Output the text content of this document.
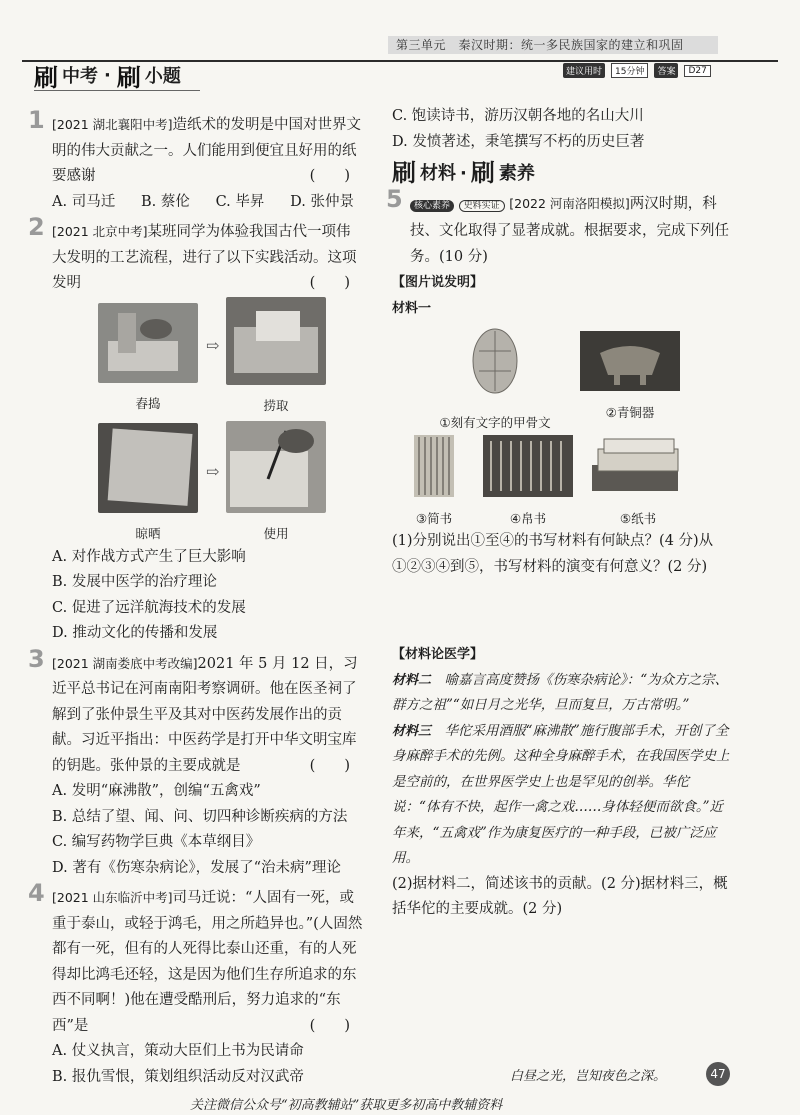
第三单元　秦汉时期：统一多民族国家的建立和巩固
刷 中考 · 刷 小题	建议用时	15分钟	答案	D27
1 [2021 湖北襄阳中考]造纸术的发明是中国对世界文明的伟大贡献之一。人们能用到便宜且好用的纸要感谢	(　　)
A. 司马迁 B. 蔡伦 C. 毕昇 D. 张仲景
2 [2021 北京中考]某班同学为体验我国古代一项伟大发明的工艺流程，进行了以下实践活动。这项发明	(　　)
舂捣
⇨
捞取
晾晒
⇨
使用
A. 对作战方式产生了巨大影响
B. 发展中医学的治疗理论
C. 促进了远洋航海技术的发展
D. 推动文化的传播和发展
3 [2021 湖南娄底中考改编]2021 年 5 月 12 日，习近平总书记在河南南阳考察调研。他在医圣祠了解到了张仲景生平及其对中医药发展作出的贡献。习近平指出：中医药学是打开中华文明宝库的钥匙。张仲景的主要成就是	(　　)
A. 发明“麻沸散”，创编“五禽戏”
B. 总结了望、闻、问、切四种诊断疾病的方法
C. 编写药物学巨典《本草纲目》
D. 著有《伤寒杂病论》，发展了“治未病”理论
4 [2021 山东临沂中考]司马迁说：“人固有一死，或重于泰山，或轻于鸿毛，用之所趋异也。”(人固然都有一死，但有的人死得比泰山还重，有的人死得却比鸿毛还轻，这是因为他们生存所追求的东西不同啊！)他在遭受酷刑后，努力追求的“东西”是	(　　)
A. 仗义执言，策动大臣们上书为民请命
B. 报仇雪恨，策划组织活动反对汉武帝
C. 饱读诗书，游历汉朝各地的名山大川
D. 发愤著述，秉笔撰写不朽的历史巨著
刷 材料 · 刷 素养
5 核心素养 史料实证 [2022 河南洛阳模拟]两汉时期，科技、文化取得了显著成就。根据要求，完成下列任务。(10 分)
【图片说发明】
材料一
①刻有文字的甲骨文
②青铜器
③简书	④帛书	⑤纸书
(1)分别说出①至④的书写材料有何缺点？(4 分)从①②③④到⑤，书写材料的演变有何意义？(2 分)
【材料论医学】
材料二　 喻嘉言高度赞扬《伤寒杂病论》：“为众方之宗、群方之祖”“如日月之光华，旦而复旦，万古常明。”
材料三　 华佗采用酒服“麻沸散”施行腹部手术，开创了全身麻醉手术的先例。这种全身麻醉手术，在我国医学史上是空前的，在世界医学史上也是罕见的创举。华佗说：“体有不快，起作一禽之戏……身体轻便而欲食。”近年来，“五禽戏”作为康复医疗的一种手段，已被广泛应用。
(2)据材料二，简述该书的贡献。(2 分)据材料三，概括华佗的主要成就。(2 分)
白昼之光，岂知夜色之深。	47
关注微信公众号“初高教辅站”获取更多初高中教辅资料
